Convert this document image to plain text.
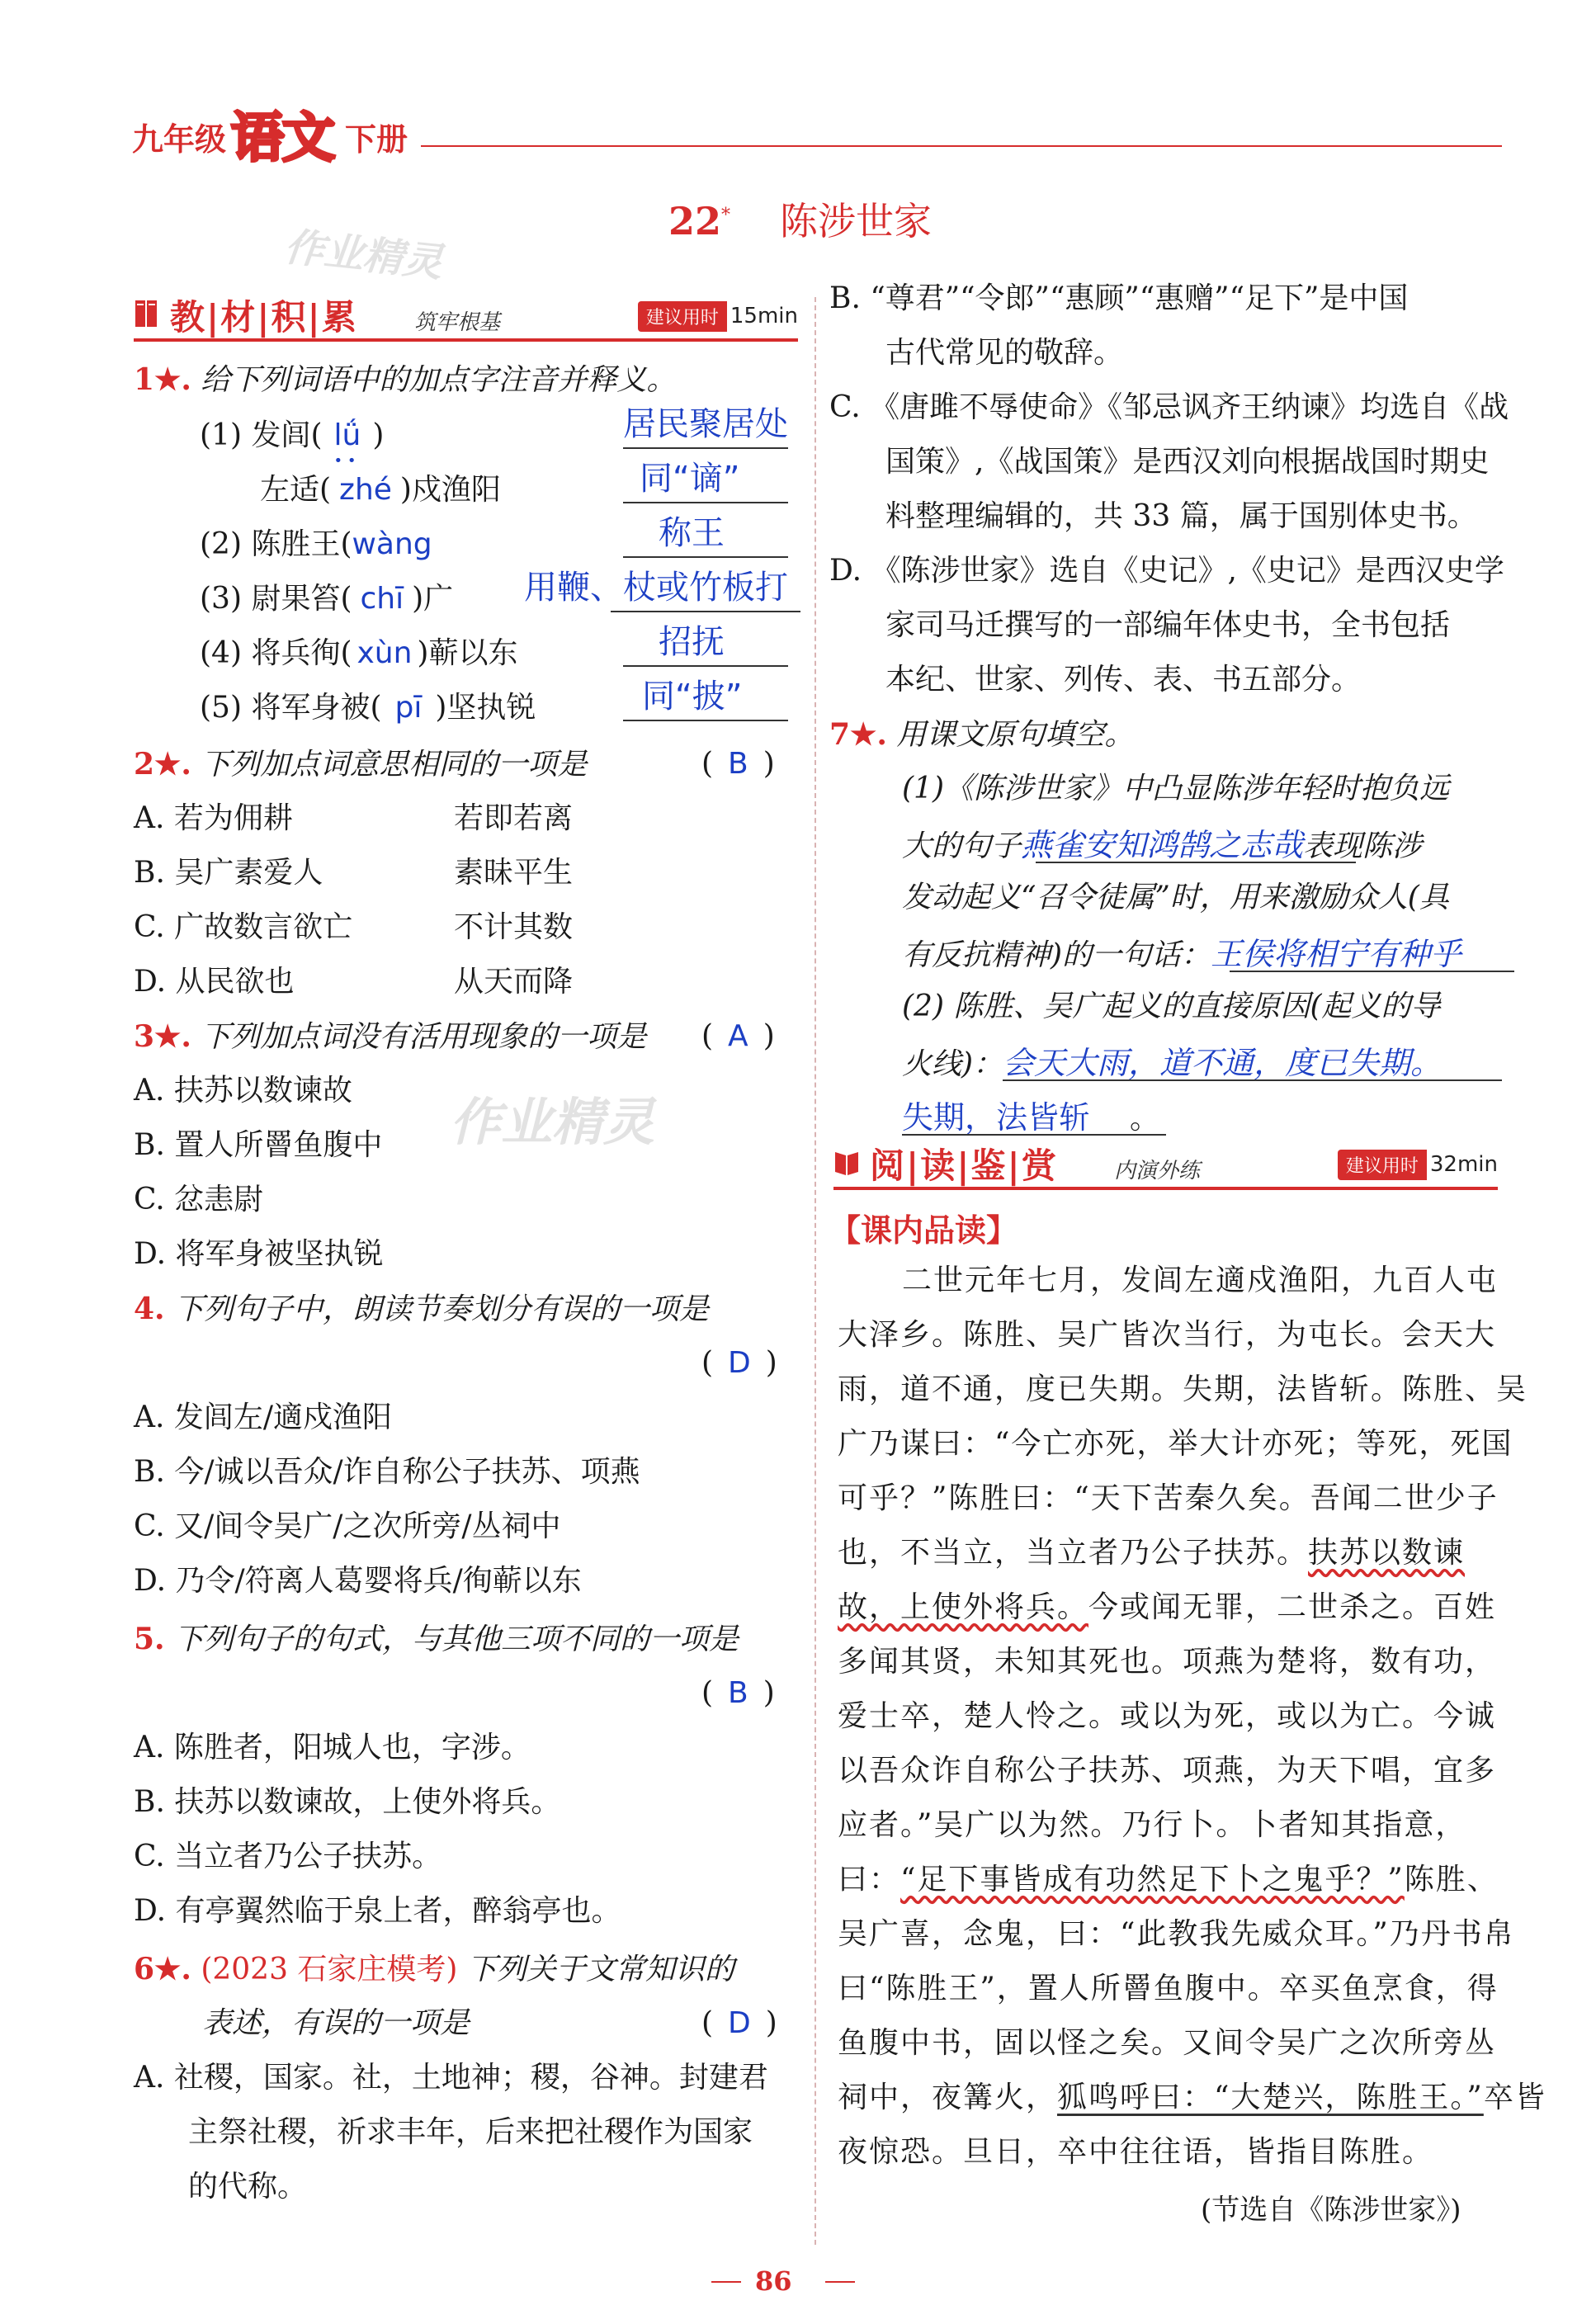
九年级 语文 下册
22* 陈涉世家
作业精灵
作业精灵
教|材|积|累	筑牢根基	建议用时 15min
1★. 给下列词语中的加点字注音并释义。
(1) 发闾( lǘ )	居民聚居处
左适( zhé )戍渔阳	同“谪”
(2) 陈胜王(wàng	称王
(3) 尉果笞( chī )广 用鞭、杖或竹板打
(4) 将兵徇( xùn )蕲以东	招抚
(5) 将军身被( pī )坚执锐	同“披”
2★. 下列加点词意思相同的一项是	( B )
A. 若为佣耕	若即若离
B. 吴广素爱人	素昧平生
C. 广故数言欲亡	不计其数
D. 从民欲也	从天而降
3★. 下列加点词没有活用现象的一项是 ( A )
A. 扶苏以数谏故
B. 置人所罾鱼腹中
C. 忿恚尉
D. 将军身被坚执锐
4. 下列句子中，朗读节奏划分有误的一项是
( D )
A. 发闾左/適戍渔阳
B. 今/诚以吾众/诈自称公子扶苏、项燕
C. 又/间令吴广/之次所旁/丛祠中
D. 乃令/符离人葛婴将兵/徇蕲以东
5. 下列句子的句式，与其他三项不同的一项是
( B )
A. 陈胜者，阳城人也，字涉。
B. 扶苏以数谏故，上使外将兵。
C. 当立者乃公子扶苏。
D. 有亭翼然临于泉上者，醉翁亭也。
6★. (2023 石家庄模考) 下列关于文常知识的
表述，有误的一项是	( D )
A. 社稷，国家。社，土地神；稷，谷神。封建君
主祭社稷，祈求丰年，后来把社稷作为国家
的代称。
B. “尊君”“令郎”“惠顾”“惠赠”“足下”是中国
古代常见的敬辞。
C. 《唐雎不辱使命》《邹忌讽齐王纳谏》均选自《战
国策》,《战国策》是西汉刘向根据战国时期史
料整理编辑的，共 33 篇，属于国别体史书。
D. 《陈涉世家》选自《史记》,《史记》是西汉史学
家司马迁撰写的一部编年体史书，全书包括
本纪、世家、列传、表、书五部分。
7★. 用课文原句填空。
(1)《陈涉世家》中凸显陈涉年轻时抱负远
大的句子燕雀安知鸿鹄之志哉表现陈涉
发动起义“召令徒属”时，用来激励众人(具
有反抗精神)的一句话：王侯将相宁有种乎
(2) 陈胜、吴广起义的直接原因(起义的导
火线)：会天大雨，道不通，度已失期。
失期，法皆斩 。
阅|读|鉴|赏	内演外练	建议用时 32min
【课内品读】
二世元年七月，发闾左適戍渔阳，九百人屯
大泽乡。陈胜、吴广皆次当行，为屯长。会天大
雨，道不通，度已失期。失期，法皆斩。陈胜、吴
广乃谋曰：“今亡亦死，举大计亦死；等死，死国
可乎？”陈胜曰：“天下苦秦久矣。吾闻二世少子
也，不当立，当立者乃公子扶苏。扶苏以数谏
故，上使外将兵。今或闻无罪，二世杀之。百姓
多闻其贤，未知其死也。项燕为楚将，数有功，
爱士卒，楚人怜之。或以为死，或以为亡。今诚
以吾众诈自称公子扶苏、项燕，为天下唱，宜多
应者。”吴广以为然。乃行卜。卜者知其指意，
曰：“足下事皆成有功然足下卜之鬼乎？”陈胜、
吴广喜，念鬼，曰：“此教我先威众耳。”乃丹书帛
曰“陈胜王”，置人所罾鱼腹中。卒买鱼烹食，得
鱼腹中书，固以怪之矣。又间令吴广之次所旁丛
祠中，夜篝火，狐鸣呼曰：“大楚兴，陈胜王。”卒皆
夜惊恐。旦日，卒中往往语，皆指目陈胜。
(节选自《陈涉世家》)
86
